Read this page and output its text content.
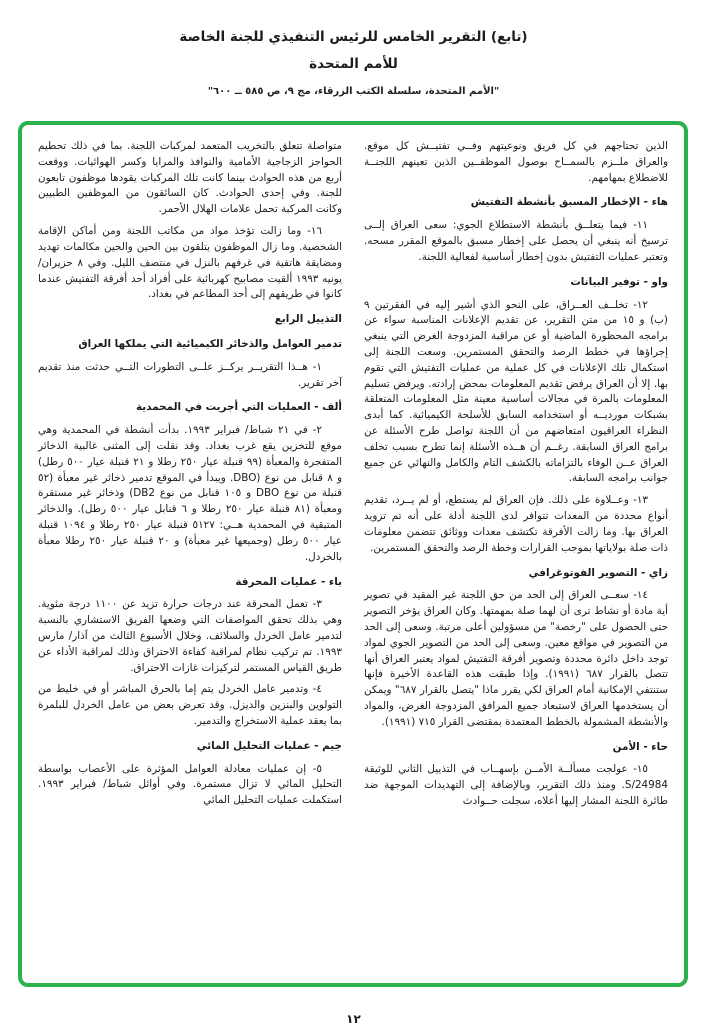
(تابع) التقرير الخامس للرئيس التنفيذي للجنة الخاصة
للأمم المتحدة
"الأمم المتحدة، سلسلة الكتب الزرقاء، مج ٩، ص ٥٨٥ ــ ٦٠٠"
الذين تحتاجهم في كل فريق ونوعيتهم وفــي تفتيــش كل موقع. والعراق ملــزم بالسمــاح بوصول الموظفــين الذين تعينهم اللجنــة للاضطلاع بمهامهم.
هاء - الإخطار المسبق بأنشطة التفتيش
١١- فيما يتعلــق بأنشطة الاستطلاع الجوي: سعى العراق إلــى ترسيخ أنه ينبغي أن يحصل على إخطار مسبق بالموقع المقرر مسحه. وتعتبر عمليات التفتيش بدون إخطار أساسية لفعالية اللجنة.
واو - توفير البيانات
١٢- تخلــف العــراق، على النحو الذي أشير إليه في الفقرتين ٩ (ب) و ١٥ من متن التقرير، عن تقديم الإعلانات المناسبة سواء عن برامجه المحظورة الماضية أو عن مراقبة المزدوجة الغرض التي ينبغي إجراؤها في خطط الرصد والتحقق المستمرين. وسعت اللجنة إلى استكمال تلك الإعلانات في كل عملية من عمليات التفتيش التي تقوم بها. إلا أن العراق يرفض تقديم المعلومات بمحض إرادته. ويرفض تسليم المعلومات بالمرة في مجالات أساسية معينة مثل المعلومات المتعلقة بشبكات مورديــه أو استخدامه السابق للأسلحة الكيميائية. كما أبدى النظراء العراقيون امتعاضهم من أن اللجنة تواصل طرح الأسئلة عن برامج العراق السابقة. رغــم أن هــذه الأسئلة إنما تطرح بسبب تخلف العراق عــن الوفاء بالتزاماته بالكشف التام والكامل والنهائي عن جميع جوانب برامجه السابقة.
١٣- وعــلاوة على ذلك. فإن العراق لم يستطع، أو لم يــرد، تقديم أنواع محددة من المعدات تتوافر لدى اللجنة أدلة على أنه تم تزويد العراق بها. وما زالت الأفرقة تكتشف معدات ووثائق تتضمن معلومات ذات صلة بولاياتها بموجب القرارات وخطة الرصد والتحقق المستمرين.
زاي - التصوير الفوتوغرافي
١٤- سعــى العراق إلى الحد من حق اللجنة غير المقيد في تصوير أية مادة أو نشاط ترى أن لهما صلة بمهمتها. وكان العراق يؤخر التصوير حتى الحصول على "رخصة" من مسؤولين أعلى مرتبة. وسعى إلى الحد من التصوير في مواقع معين. وسعى إلى الحد من التصوير الجوي لمواد توجد داخل دائرة محددة وتصوير أفرقة التفتيش لمواد يعتبر العراق أنها تتصل بالقرار ٦٨٧ (١٩٩١). وإذا طبقت هذه القاعدة الأخيرة فإنها ستنتفي الإمكانية أمام العراق لكي يقرر ماذا "يتصل بالقرار ٦٨٧" ويمكن أن يستخدمها العراق لاستبعاد جميع المرافق المزدوجة الغرض، والمواد والأنشطة المشمولة بالخطط المعتمدة بمقتضى القرار ٧١٥ (١٩٩١).
حاء - الأمن
١٥- عولجت مسألــة الأمــن بإسهــاب في التذييل الثاني للوثيقة S/24984. ومنذ ذلك التقرير، وبالإضافة إلى التهديدات الموجهة ضد طائرة اللجنة المشار إليها أعلاه، سجلت حــوادث
متواصلة تتعلق بالتخريب المتعمد لمركبات اللجنة. بما في ذلك تحطيم الحواجز الزجاجية الأمامية والنوافذ والمرايا وكسر الهوائيات. ووقعت أربع من هذه الحوادث بينما كانت تلك المركبات يقودها موظفون تابعون للجنة. وفي إحدى الحوادث. كان السائقون من الموظفين الطبيين وكانت المركبة تحمل علامات الهلال الأحمر.
١٦- وما زالت تؤخذ مواد من مكاتب اللجنة ومن أماكن الإقامة الشخصية. وما زال الموظفون يتلقون بين الحين والحين مكالمات تهديد ومضايقة هاتفية في غرفهم بالنزل في منتصف الليل. وفي ٨ حزيران/ يونيه ١٩٩٣ ألقيت مصابيح كهربائية على أفراد أحد أفرقة التفتيش عندما كانوا في طريقهم إلى أحد المطاعم في بغداد.
التذييل الرابع
تدمير العوامل والذخائر الكيميائية التي يملكها العراق
١- هــذا التقريــر يركــز علــى التطورات التــي حدثت منذ تقديم آخر تقرير.
ألف - العمليات التي أجريت في المحمدية
٢- في ٢١ شباط/ فبراير ١٩٩٣. بدأت أنشطة في المحمدية وهي موقع للتخزين يقع غرب بغداد. وقد نقلت إلى المثنى غالبية الذخائر المتفجرة والمعبأة (٩٩ قنبلة عيار ٢٥٠ رطلا و ٢١ قنبلة عيار ٥٠٠ رطل) و ٨ قنابل من نوع (DBO. ويبدأ في الموقع تدمير ذخائر غير معبأة (٥٢ قنبلة من نوع DBO و ١٠٥ قنابل من نوع DB2) وذخائر غير مستقرة ومعبأة (٨١ قنبلة عيار ٢٥٠ رطلا و ٦ قنابل عيار ٥٠٠ رطل). والذخائر المتبقية في المحمدية هــي: ٥١٢٧ قنبلة عيار ٢٥٠ رطلا و ١٠٩٤ قنبلة عيار ٥٠٠ رطل (وجميعها غير معبأة) و ٢٠ قنبلة عيار ٢٥٠ رطلا معبأة بالخردل.
باء - عمليات المحرقة
٣- تعمل المحرقة عند درجات حرارة تزيد عن ١١٠٠ درجة مئوية. وهي بذلك تحقق المواصفات التي وضعها الفريق الاستشاري بالنسبة لتدمير عامل الخردل والسلائف. وخلال الأسبوع الثالث من آذار/ مارس ١٩٩٣. تم تركيب نظام لمراقبة كفاءة الاحتراق وذلك لمراقبة الأداء عن طريق القياس المستمر لتركيزات غازات الاحتراق.
٤- وتدمير عامل الخردل يتم إما بالحرق المباشر أو في خليط من التولوين والبنزين والديزل. وقد تعرض بعض من عامل الخردل للبلمرة بما يعقد عملية الاستخراج والتدمير.
جيم - عمليات التحليل المائي
٥- إن عمليات معادلة العوامل المؤثرة على الأعصاب بواسطة التحليل المائي لا تزال مستمرة. وفي أوائل شباط/ فبراير ١٩٩٣. استكملت عمليات التحليل المائي
١٢
